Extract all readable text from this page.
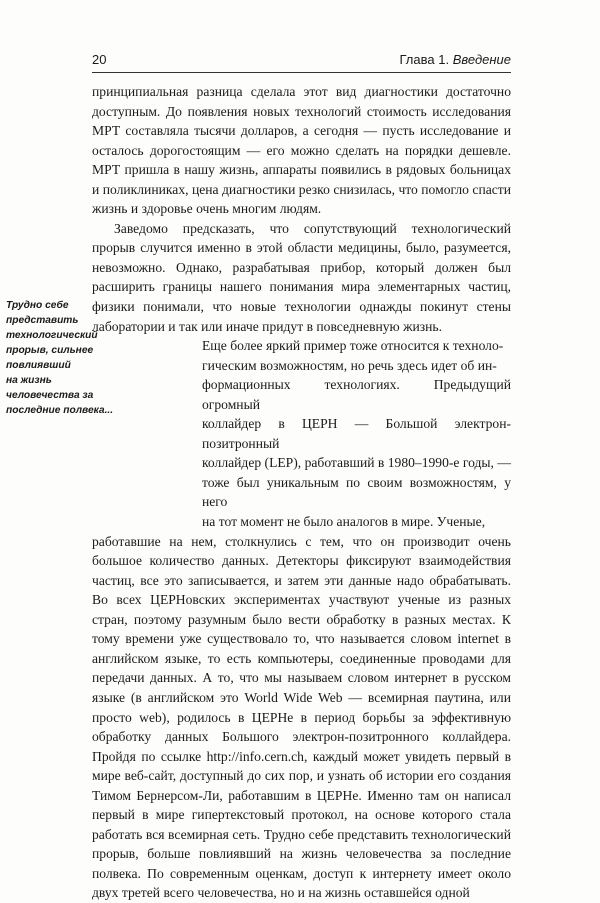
20	Глава 1. Введение
Трудно себе
представить
технологический
прорыв, сильнее
повлиявший
на жизнь
человечества за
последние полвека...

принципиальная разница сделала этот вид диагностики достаточно доступным. До появления новых технологий стоимость исследования МРТ составляла тысячи долларов, а сегодня — пусть исследование и осталось дорогостоящим — его можно сделать на порядки дешевле. МРТ пришла в нашу жизнь, аппараты появились в рядовых больницах и поликлиниках, цена диагностики резко снизилась, что помогло спасти жизнь и здоровье очень многим людям.

Заведомо предсказать, что сопутствующий технологический прорыв случится именно в этой области медицины, было, разумеется, невозможно. Однако, разрабатывая прибор, который должен был расширить границы нашего понимания мира элементарных частиц, физики понимали, что новые технологии однажды покинут стены лаборатории и так или иначе придут в повседневную жизнь.

Еще более яркий пример тоже относится к техноло-
гическим возможностям, но речь здесь идет об ин-
формационных технологиях. Предыдущий огромный
коллайдер в ЦЕРН — Большой электрон-позитронный
коллайдер (LEP), работавший в 1980–1990-е годы, —
тоже был уникальным по своим возможностям, у него
на тот момент не было аналогов в мире. Ученые,

работавшие на нем, столкнулись с тем, что он производит очень большое количество данных. Детекторы фиксируют взаимодействия частиц, все это записывается, и затем эти данные надо обрабатывать. Во всех ЦЕРНовских экспериментах участвуют ученые из разных стран, поэтому разумным было вести обработку в разных местах. К тому времени уже существовало то, что называется словом internet в английском языке, то есть компьютеры, соединенные проводами для передачи данных. А то, что мы называем словом интернет в русском языке (в английском это World Wide Web — всемирная паутина, или просто web), родилось в ЦЕРНе в период борьбы за эффективную обработку данных Большого электрон-позитронного коллайдера. Пройдя по ссылке http://info.cern.ch, каждый может увидеть первый в мире веб-сайт, доступный до сих пор, и узнать об истории его создания Тимом Бернерсом-Ли, работавшим в ЦЕРНе. Именно там он написал первый в мире гипертекстовый протокол, на основе которого стала работать вся всемирная сеть. Трудно себе представить технологический прорыв, больше повлиявший на жизнь человечества за последние полвека. По современным оценкам, доступ к интернету имеет около двух третей всего человечества, но и на жизнь оставшейся одной
